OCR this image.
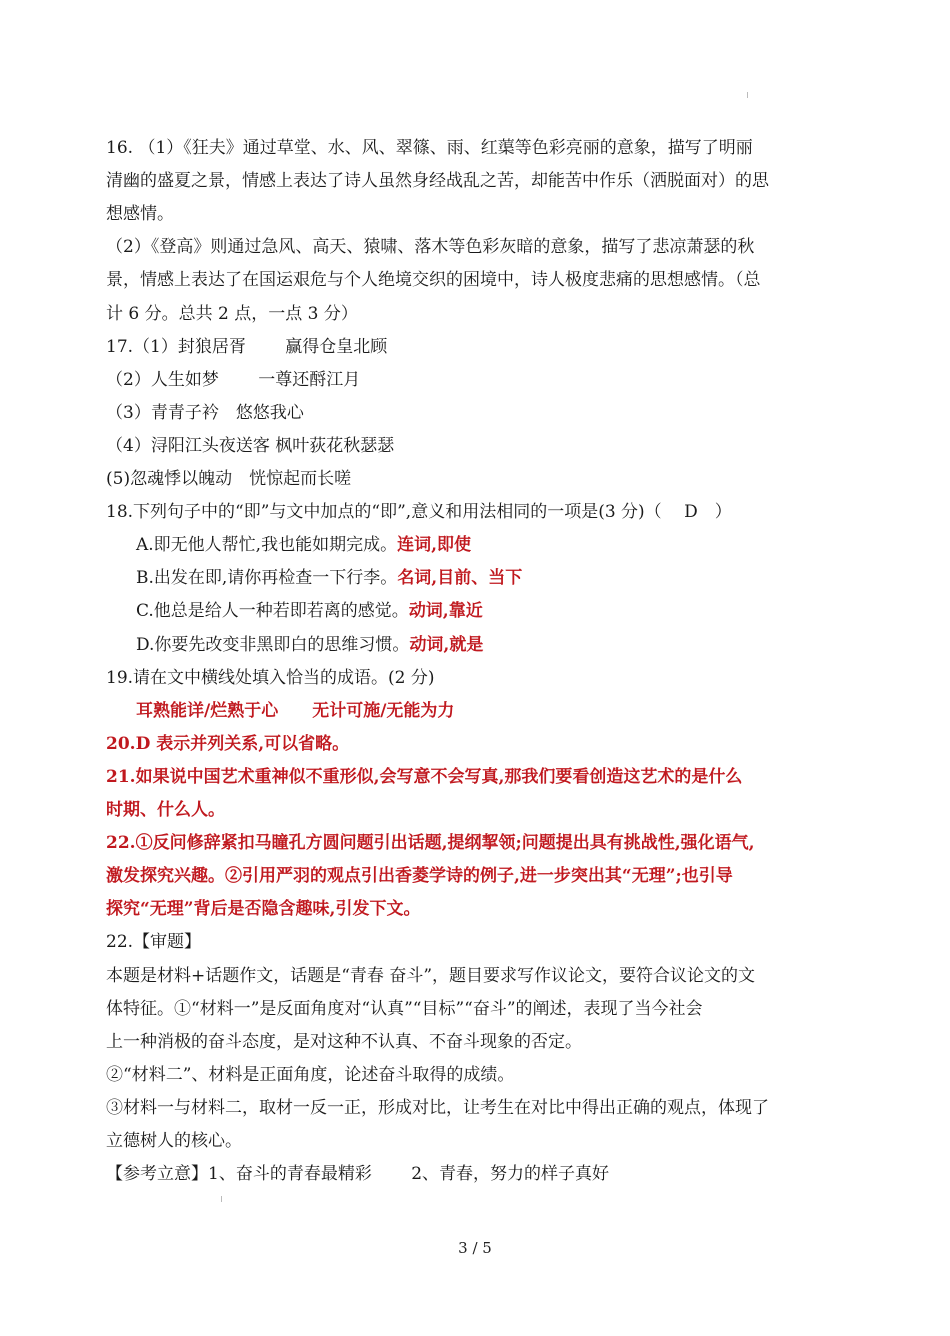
16. （1）《狂夫》通过草堂、水、风、翠篠、雨、红蕖等色彩亮丽的意象，描写了明丽
清幽的盛夏之景，情感上表达了诗人虽然身经战乱之苦，却能苦中作乐（洒脱面对）的思
想感情。
（2）《登高》则通过急风、高天、猿啸、落木等色彩灰暗的意象，描写了悲凉萧瑟的秋
景，情感上表达了在国运艰危与个人绝境交织的困境中，诗人极度悲痛的思想感情。（总
计 6 分。总共 2 点，一点 3 分）
17.（1）封狼居胥　　 赢得仓皇北顾
（2）人生如梦　　 一尊还酹江月
（3）青青子衿　悠悠我心
（4）浔阳江头夜送客 枫叶荻花秋瑟瑟
(5)忽魂悸以魄动　恍惊起而长嗟
18.下列句子中的“即”与文中加点的“即”,意义和用法相同的一项是(3 分)（　 D　）
A.即无他人帮忙,我也能如期完成。连词,即使
B.出发在即,请你再检查一下行李。名词,目前、当下
C.他总是给人一种若即若离的感觉。动词,靠近
D.你要先改变非黑即白的思维习惯。动词,就是
19.请在文中横线处填入恰当的成语。(2 分)
耳熟能详/烂熟于心　　无计可施/无能为力
20.D 表示并列关系,可以省略。
21.如果说中国艺术重神似不重形似,会写意不会写真,那我们要看创造这艺术的是什么
时期、什么人。
22.①反问修辞紧扣马瞳孔方圆问题引出话题,提纲挈领;问题提出具有挑战性,强化语气,
激发探究兴趣。②引用严羽的观点引出香菱学诗的例子,进一步突出其“无理”;也引导
探究“无理”背后是否隐含趣味,引发下文。
22.【审题】
本题是材料+话题作文，话题是“青春 奋斗”，题目要求写作议论文，要符合议论文的文
体特征。①“材料一”是反面角度对“认真”“目标”“奋斗”的阐述，表现了当今社会
上一种消极的奋斗态度，是对这种不认真、不奋斗现象的否定。
②“材料二”、材料是正面角度，论述奋斗取得的成绩。
③材料一与材料二，取材一反一正，形成对比，让考生在对比中得出正确的观点，体现了
立德树人的核心。
【参考立意】1、奋斗的青春最精彩　　 2、青春，努力的样子真好
3 / 5
